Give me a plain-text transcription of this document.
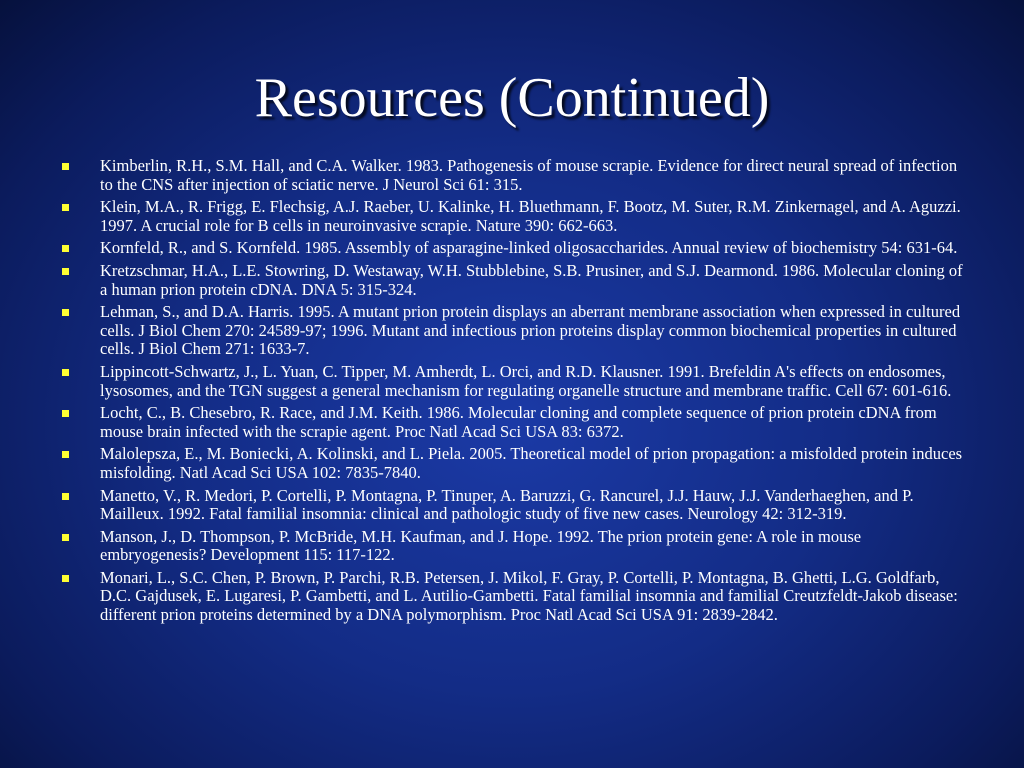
Resources (Continued)
Kimberlin, R.H., S.M. Hall, and C.A. Walker. 1983. Pathogenesis of mouse scrapie. Evidence for direct neural spread of infection to the CNS after injection of sciatic nerve. J Neurol Sci 61: 315.
Klein, M.A., R. Frigg, E. Flechsig, A.J. Raeber, U. Kalinke, H. Bluethmann, F. Bootz, M. Suter, R.M. Zinkernagel, and A. Aguzzi. 1997. A crucial role for B cells in neuroinvasive scrapie. Nature 390: 662-663.
Kornfeld, R., and S. Kornfeld. 1985. Assembly of asparagine-linked oligosaccharides. Annual review of biochemistry 54: 631-64.
Kretzschmar, H.A., L.E. Stowring, D. Westaway, W.H. Stubblebine, S.B. Prusiner, and S.J. Dearmond. 1986. Molecular cloning of a human prion protein cDNA. DNA 5: 315-324.
Lehman, S., and D.A. Harris. 1995. A mutant prion protein displays an aberrant membrane association when expressed in cultured cells. J Biol Chem 270: 24589-97; 1996. Mutant and infectious prion proteins display common biochemical properties in cultured cells. J Biol Chem 271: 1633-7.
Lippincott-Schwartz, J., L. Yuan, C. Tipper, M. Amherdt, L. Orci, and R.D. Klausner. 1991. Brefeldin A's effects on endosomes, lysosomes, and the TGN suggest a general mechanism for regulating organelle structure and membrane traffic. Cell 67: 601-616.
Locht, C., B. Chesebro, R. Race, and J.M. Keith. 1986. Molecular cloning and complete sequence of prion protein cDNA from mouse brain infected with the scrapie agent. Proc Natl Acad Sci USA 83: 6372.
Malolepsza, E., M. Boniecki, A. Kolinski, and L. Piela. 2005. Theoretical model of prion propagation: a misfolded protein induces misfolding. Natl Acad Sci USA 102: 7835-7840.
Manetto, V., R. Medori, P. Cortelli, P. Montagna, P. Tinuper, A. Baruzzi, G. Rancurel, J.J. Hauw, J.J. Vanderhaeghen, and P. Mailleux. 1992. Fatal familial insomnia: clinical and pathologic study of five new cases. Neurology 42: 312-319.
Manson, J., D. Thompson, P. McBride, M.H. Kaufman, and J. Hope. 1992. The prion protein gene: A role in mouse embryogenesis? Development 115: 117-122.
Monari, L., S.C. Chen, P. Brown, P. Parchi, R.B. Petersen, J. Mikol, F. Gray, P. Cortelli, P. Montagna, B. Ghetti, L.G. Goldfarb, D.C. Gajdusek, E. Lugaresi, P. Gambetti, and L. Autilio-Gambetti. Fatal familial insomnia and familial Creutzfeldt-Jakob disease: different prion proteins determined by a DNA polymorphism. Proc Natl Acad Sci USA 91: 2839-2842.
